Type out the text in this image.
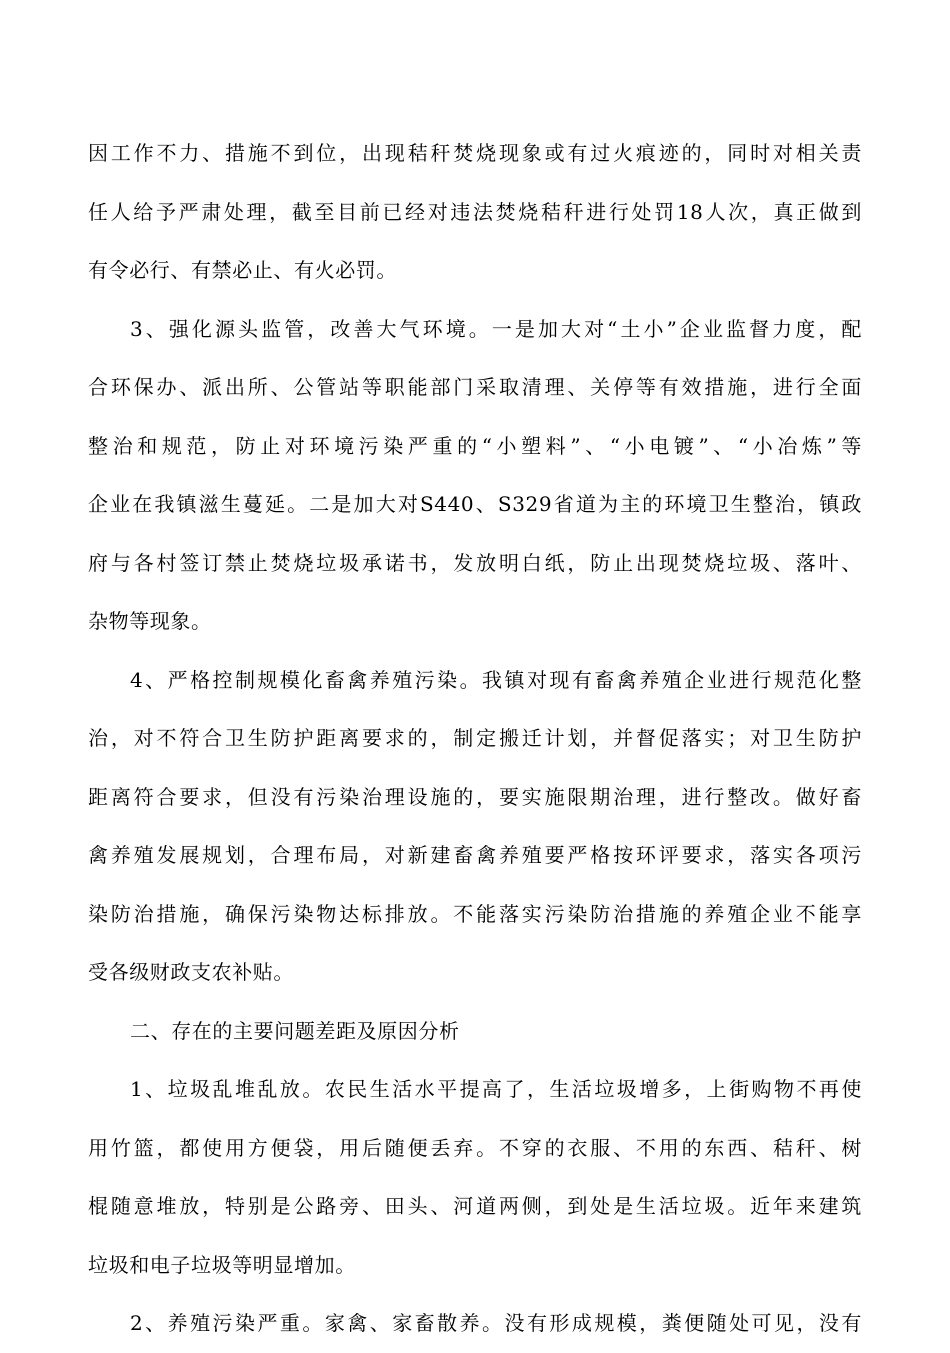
因工作不力、措施不到位，出现秸秆焚烧现象或有过火痕迹的，同时对相关责
任人给予严肃处理，截至目前已经对违法焚烧秸秆进行处罚18人次，真正做到
有令必行、有禁必止、有火必罚。
3、强化源头监管，改善大气环境。一是加大对“土小”企业监督力度，配
合环保办、派出所、公管站等职能部门采取清理、关停等有效措施，进行全面
整治和规范，防止对环境污染严重的“小塑料”、“小电镀”、“小冶炼”等
企业在我镇滋生蔓延。二是加大对S440、S329省道为主的环境卫生整治，镇政
府与各村签订禁止焚烧垃圾承诺书，发放明白纸，防止出现焚烧垃圾、落叶、
杂物等现象。
4、严格控制规模化畜禽养殖污染。我镇对现有畜禽养殖企业进行规范化整
治，对不符合卫生防护距离要求的，制定搬迁计划，并督促落实；对卫生防护
距离符合要求，但没有污染治理设施的，要实施限期治理，进行整改。做好畜
禽养殖发展规划，合理布局，对新建畜禽养殖要严格按环评要求，落实各项污
染防治措施，确保污染物达标排放。不能落实污染防治措施的养殖企业不能享
受各级财政支农补贴。
二、存在的主要问题差距及原因分析
1、垃圾乱堆乱放。农民生活水平提高了，生活垃圾增多，上街购物不再使
用竹篮，都使用方便袋，用后随便丢弃。不穿的衣服、不用的东西、秸秆、树
棍随意堆放，特别是公路旁、田头、河道两侧，到处是生活垃圾。近年来建筑
垃圾和电子垃圾等明显增加。
2、养殖污染严重。家禽、家畜散养。没有形成规模，粪便随处可见，没有
